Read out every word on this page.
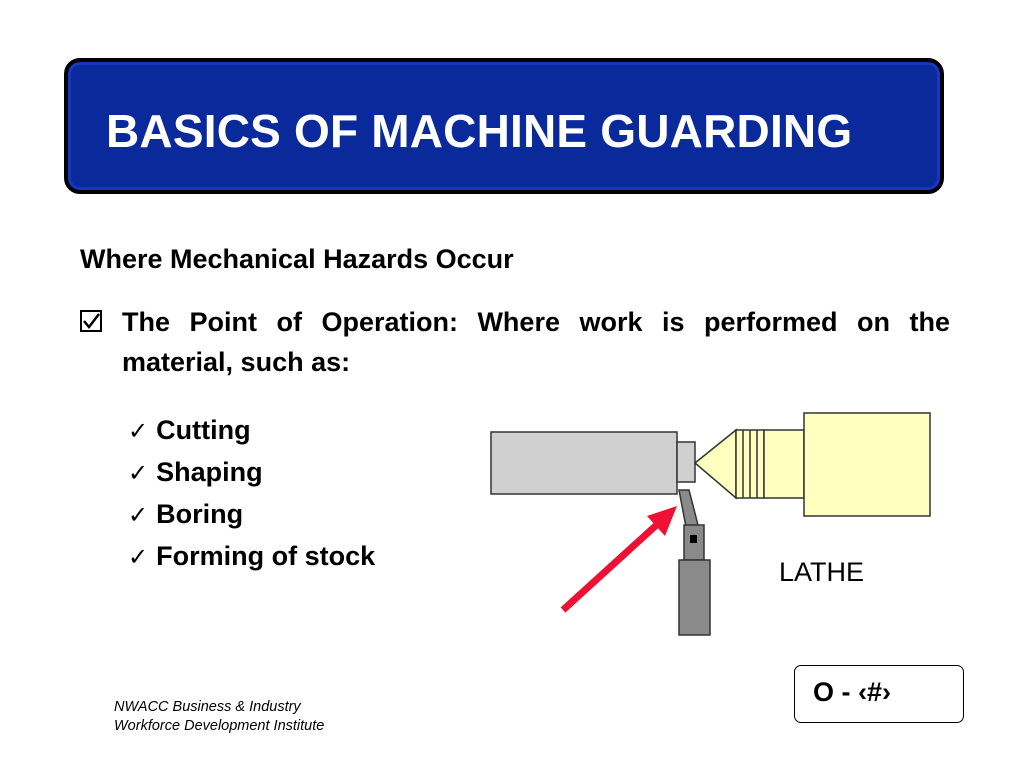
BASICS OF MACHINE GUARDING
Where Mechanical Hazards Occur
The Point of Operation: Where work is performed on the material, such as:
✓ Cutting
✓ Shaping
✓ Boring
✓ Forming of stock
LATHE
NWACC Business & Industry
Workforce Development Institute
O - ‹#›
